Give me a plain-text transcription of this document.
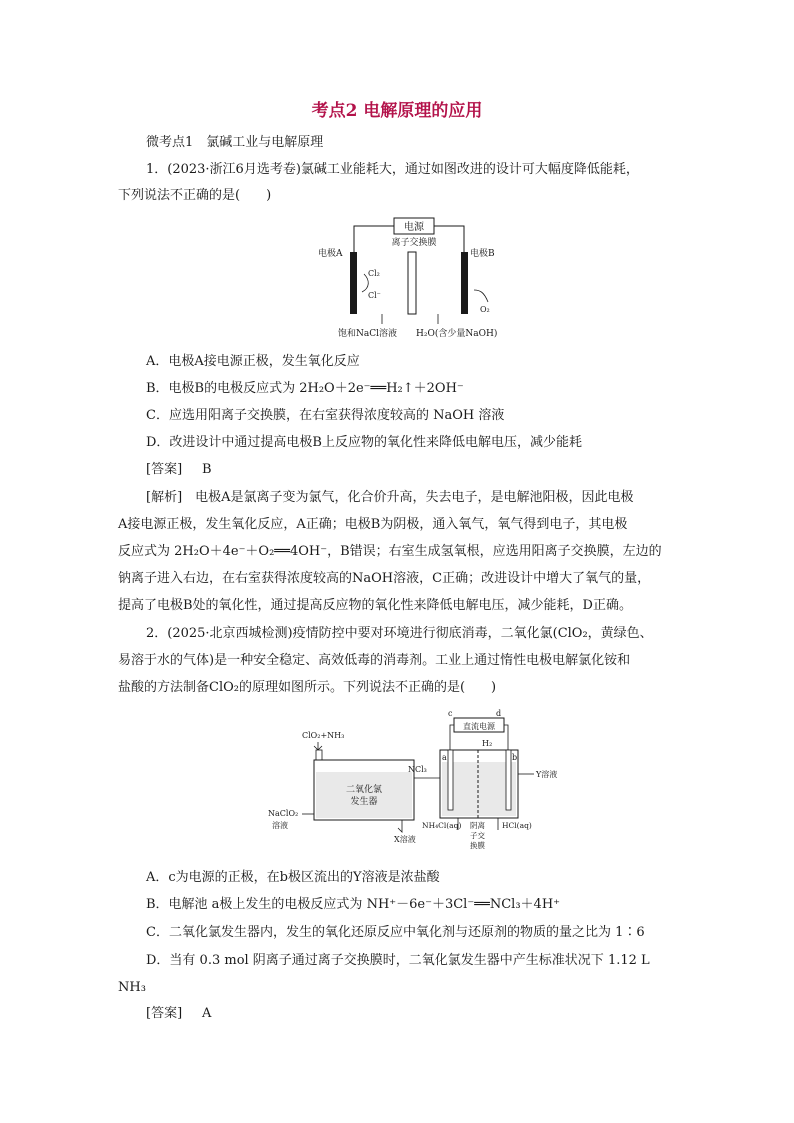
考点2 电解原理的应用
微考点1　氯碱工业与电解原理
1．(2023·浙江6月选考卷)氯碱工业能耗大，通过如图改进的设计可大幅度降低能耗，
下列说法不正确的是(　　)
电源
离子交换膜
电极A	电极B
Cl₂
Cl⁻
O₂
饱和NaCl溶液 H₂O(含少量NaOH)
A．电极A接电源正极，发生氧化反应
B．电极B的电极反应式为 2H₂O＋2e⁻══H₂↑＋2OH⁻
C．应选用阳离子交换膜，在右室获得浓度较高的 NaOH 溶液
D．改进设计中通过提高电极B上反应物的氧化性来降低电解电压，减少能耗
[答案] B
[解析]　电极A是氯离子变为氯气，化合价升高，失去电子，是电解池阳极，因此电极
A接电源正极，发生氧化反应，A正确；电极B为阴极，通入氧气，氧气得到电子，其电极
反应式为 2H₂O＋4e⁻＋O₂══4OH⁻，B错误；右室生成氢氧根，应选用阳离子交换膜，左边的
钠离子进入右边，在右室获得浓度较高的NaOH溶液，C正确；改进设计中增大了氧气的量，
提高了电极B处的氧化性，通过提高反应物的氧化性来降低电解电压，减少能耗，D正确。
2．(2025·北京西城检测)疫情防控中要对环境进行彻底消毒，二氧化氯(ClO₂，黄绿色、
易溶于水的气体)是一种安全稳定、高效低毒的消毒剂。工业上通过惰性电极电解氯化铵和
盐酸的方法制备ClO₂的原理如图所示。下列说法不正确的是(　　)
ClO₂+NH₃
二氧化氯
发生器
NaClO₂
溶液
X溶液
NCl₃
c	d
直流电源
H₂
a	b
Y溶液
NH₄Cl(aq) 阴离
子交
换膜
HCl(aq)
A．c为电源的正极，在b极区流出的Y溶液是浓盐酸
B．电解池 a极上发生的电极反应式为 NH⁺－6e⁻＋3Cl⁻══NCl₃＋4H⁺
C．二氧化氯发生器内，发生的氧化还原反应中氧化剂与还原剂的物质的量之比为 1∶6
D．当有 0.3 mol 阴离子通过离子交换膜时，二氧化氯发生器中产生标准状况下 1.12 L
NH₃
[答案] A
